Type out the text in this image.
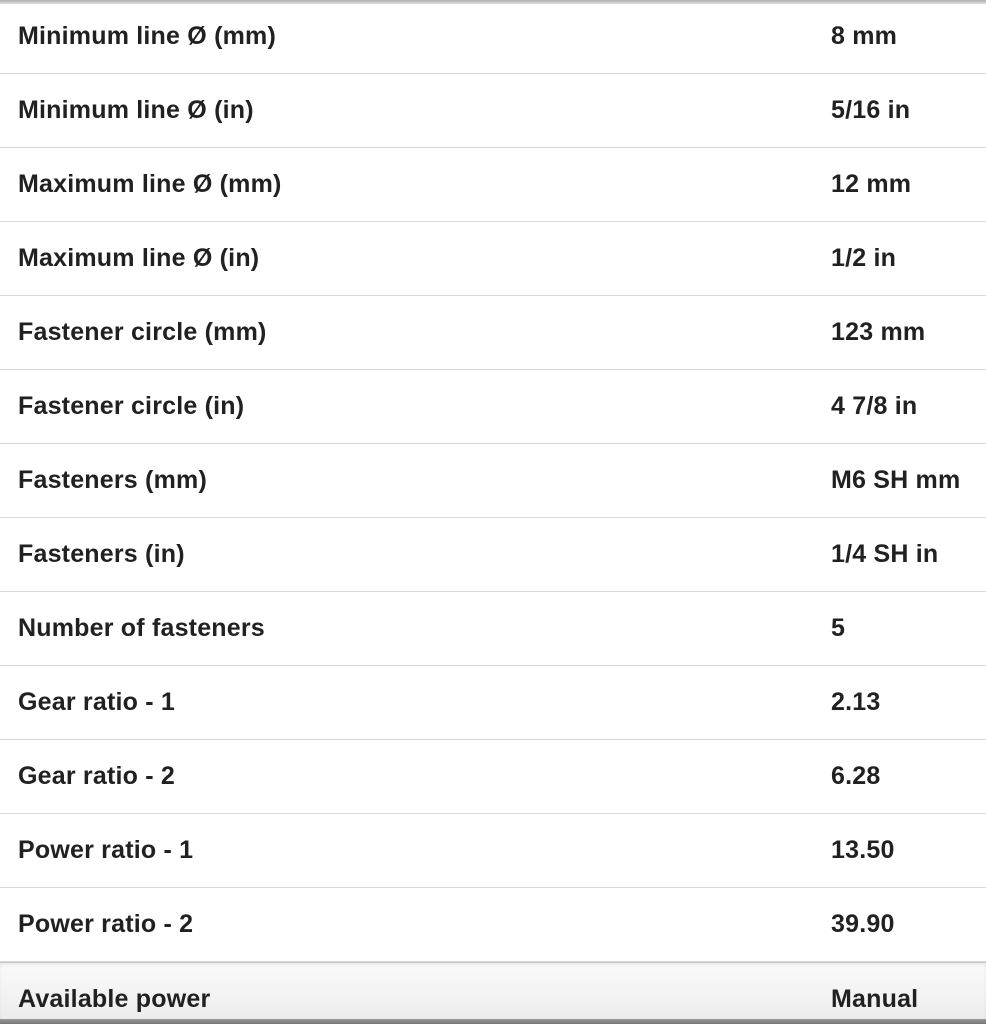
Minimum line Ø (mm)	8 mm
Minimum line Ø (in)	5/16 in
Maximum line Ø (mm)	12 mm
Maximum line Ø (in)	1/2 in
Fastener circle (mm)	123 mm
Fastener circle (in)	4 7/8 in
Fasteners (mm)	M6 SH mm
Fasteners (in)	1/4 SH in
Number of fasteners	5
Gear ratio - 1	2.13
Gear ratio - 2	6.28
Power ratio - 1	13.50
Power ratio - 2	39.90
Available power	Manual
